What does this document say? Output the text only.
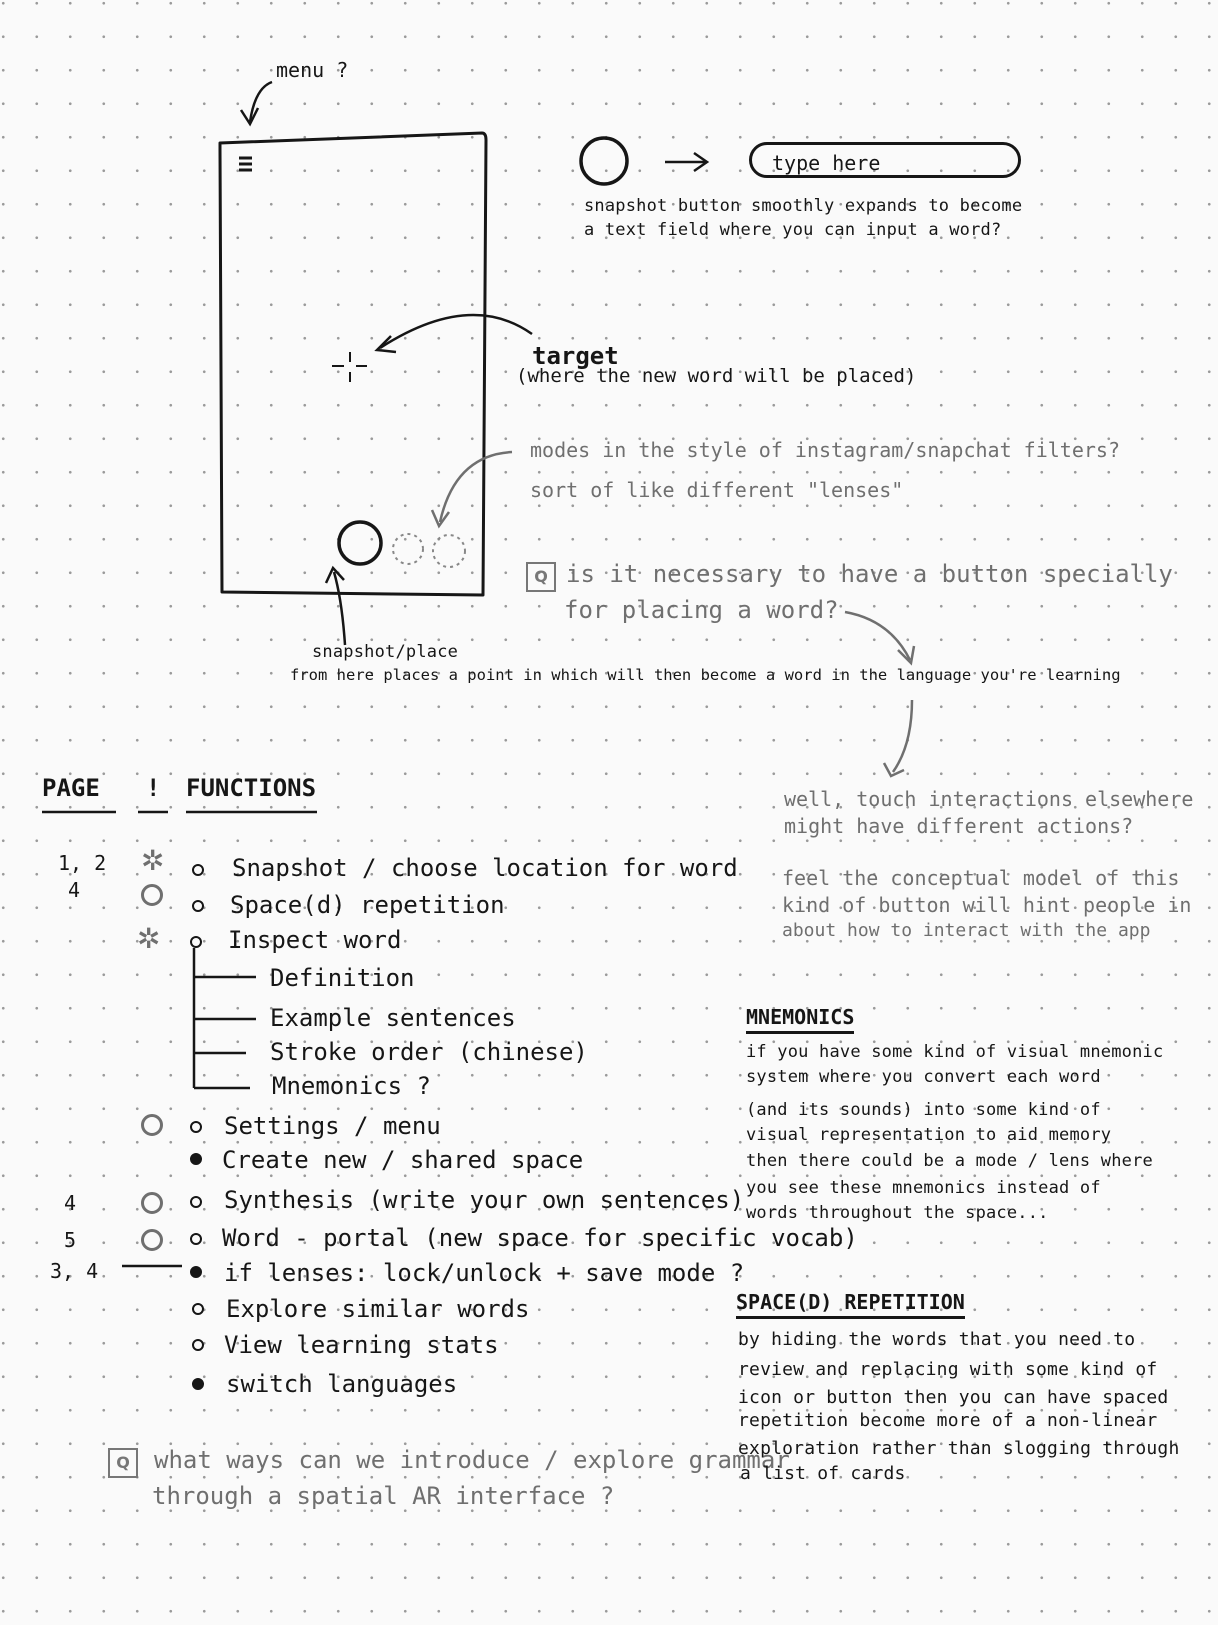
menu ?
target
(where the new word will be placed)
snapshot/place
from here places a point in which will then become a word in the language you're learning
type here
snapshot button smoothly expands to become
a text field where you can input a word?
modes in the style of instagram/snapchat filters?
sort of like different "lenses"
Q is it necessary to have a button specially
for placing a word?
well, touch interactions elsewhere
might have different actions?
feel the conceptual model of this
kind of button will hint people in
about how to interact with the app
PAGE ! FUNCTIONS
1, 2
4
4
5
3, 4
✲
✲
Snapshot / choose location for word
Space(d) repetition
Inspect word
Definition
Example sentences
Stroke order (chinese)
Mnemonics ?
Settings / menu
Create new / shared space
Synthesis (write your own sentences)
Word - portal (new space for specific vocab)
if lenses: lock/unlock + save mode ?
Explore similar words
View learning stats
switch languages
Q	what ways can we introduce / explore grammar
through a spatial AR interface ?
MNEMONICS
if you have some kind of visual mnemonic
system where you convert each word
(and its sounds) into some kind of
visual representation to aid memory
then there could be a mode / lens where
you see these mnemonics instead of
words throughout the space...
SPACE(D) REPETITION
by hiding the words that you need to
review and replacing with some kind of
icon or button then you can have spaced
repetition become more of a non-linear
exploration rather than slogging through
a list of cards
